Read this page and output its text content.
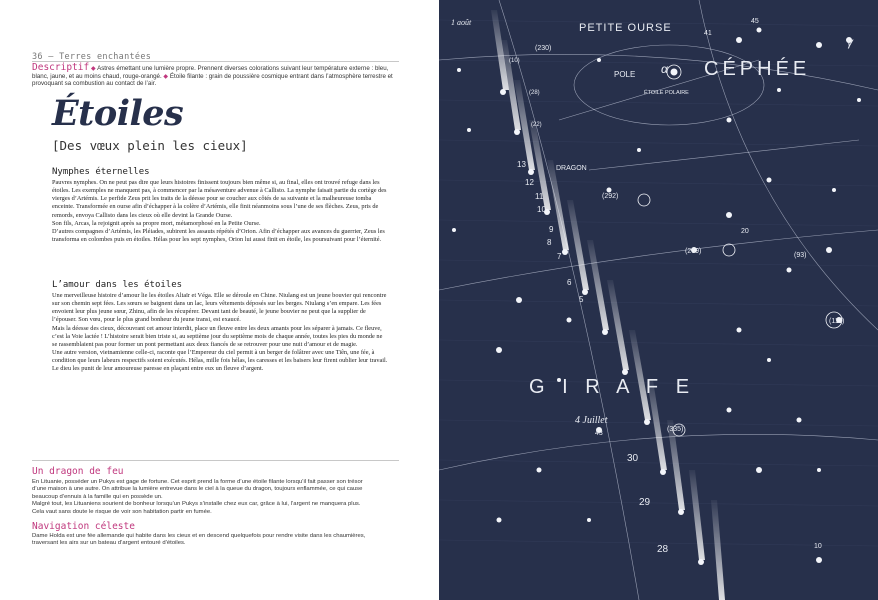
36 – Terres enchantées
Descriptif ◆ Astres émettant une lumière propre. Prennent diverses colorations suivant leur température externe : bleu, blanc, jaune, et au moins chaud, rouge-orangé. ◆ Étoile filante : grain de poussière cosmique entrant dans l’atmosphère terrestre et provoquant sa combustion au contact de l’air.
Étoiles
[Des vœux plein les cieux]
Nymphes éternelles

Pauvres nymphes. On ne peut pas dire que leurs histoires finissent toujours bien même si, au final, elles ont trouvé refuge dans les étoiles. Les exemples ne manquent pas, à commencer par la mésaventure advenue à Callisto. La nymphe faisait partie du cortège des vierges d’Artémis. Le perfide Zeus prit les traits de la déesse pour se coucher aux côtés de sa suivante et la malheureuse tomba enceinte. Transformée en ourse afin d’échapper à la colère d’Artémis, elle finit néanmoins sous l’une de ses flèches. Zeus, pris de remords, envoya Callisto dans les cieux où elle devint la Grande Ourse.

Son fils, Arcas, la rejoignit après sa propre mort, métamorphosé en la Petite Ourse.

D’autres compagnes d’Artémis, les Pléiades, subirent les assauts répétés d’Orion. Afin d’échapper aux avances du guerrier, Zeus les transforma en colombes puis en étoiles. Hélas pour les sept nymphes, Orion lui aussi finit en étoile, les poursuivant pour l’éternité.

L’amour dans les étoiles

Une merveilleuse histoire d’amour lie les étoiles Altaïr et Véga. Elle se déroule en Chine. Niulang est un jeune bouvier qui rencontre sur son chemin sept fées. Les sœurs se baignent dans un lac, leurs vêtements déposés sur les berges. Niulang s’en empare. Les fées envoient leur plus jeune sœur, Zhinu, afin de les récupérer. Devant tant de beauté, le jeune bouvier ne peut que la supplier de l’épouser. Son vœu, pour le plus grand bonheur du jeune transi, est exaucé.

Mais la déesse des cieux, découvrant cet amour interdit, place un fleuve entre les deux amants pour les séparer à jamais. Ce fleuve, c’est la Voie lactée ! L’histoire serait bien triste si, au septième jour du septième mois de chaque année, toutes les pies du monde ne se rassemblaient pas pour former un pont permettant aux deux fiancés de se retrouver pour une nuit d’amour et de magie.

Une autre version, vietnamienne celle-ci, raconte que l’Empereur du ciel permit à un berger de folâtrer avec une Tiên, une fée, à condition que leurs labeurs respectifs soient exécutés. Hélas, mille fois hélas, les caresses et les baisers leur firent oublier leur travail. Le dieu les punit de leur amoureuse paresse en plaçant entre eux un fleuve d’argent.

Un dragon de feu

En Lituanie, posséder un Pukys est gage de fortune. Cet esprit prend la forme d’une étoile filante lorsqu’il fait passer son trésor d’une maison à une autre. On attribue la lumière entrevue dans le ciel à la queue du dragon, toujours enflammée, ce qui cause beaucoup d’ennuis à la famille qui en possède un.

Malgré tout, les Lituaniens sourient de bonheur lorsqu’un Pukys s’installe chez eux car, grâce à lui, l’argent ne manquera plus. Cela vaut sans doute le risque de voir son habitation partir en fumée.

Navigation céleste

Dame Holda est une fée allemande qui habite dans les cieux et en descend quelquefois pour rendre visite dans les chaumières, traversant les airs sur un bateau d’argent entouré d’étoiles.

PETITE OURSE
CÉPHÉE
POLE α
ÉTOILE POLAIRE
DRAGON
G I R A F E
4 Juillet
1 août
γ
(230)
(292)
(269)
(93)
(111)
(335)
13
12
11
10
9
8
7
6
5
30
29
28
20
10
43
45
41
(28)
(22)
(10)
